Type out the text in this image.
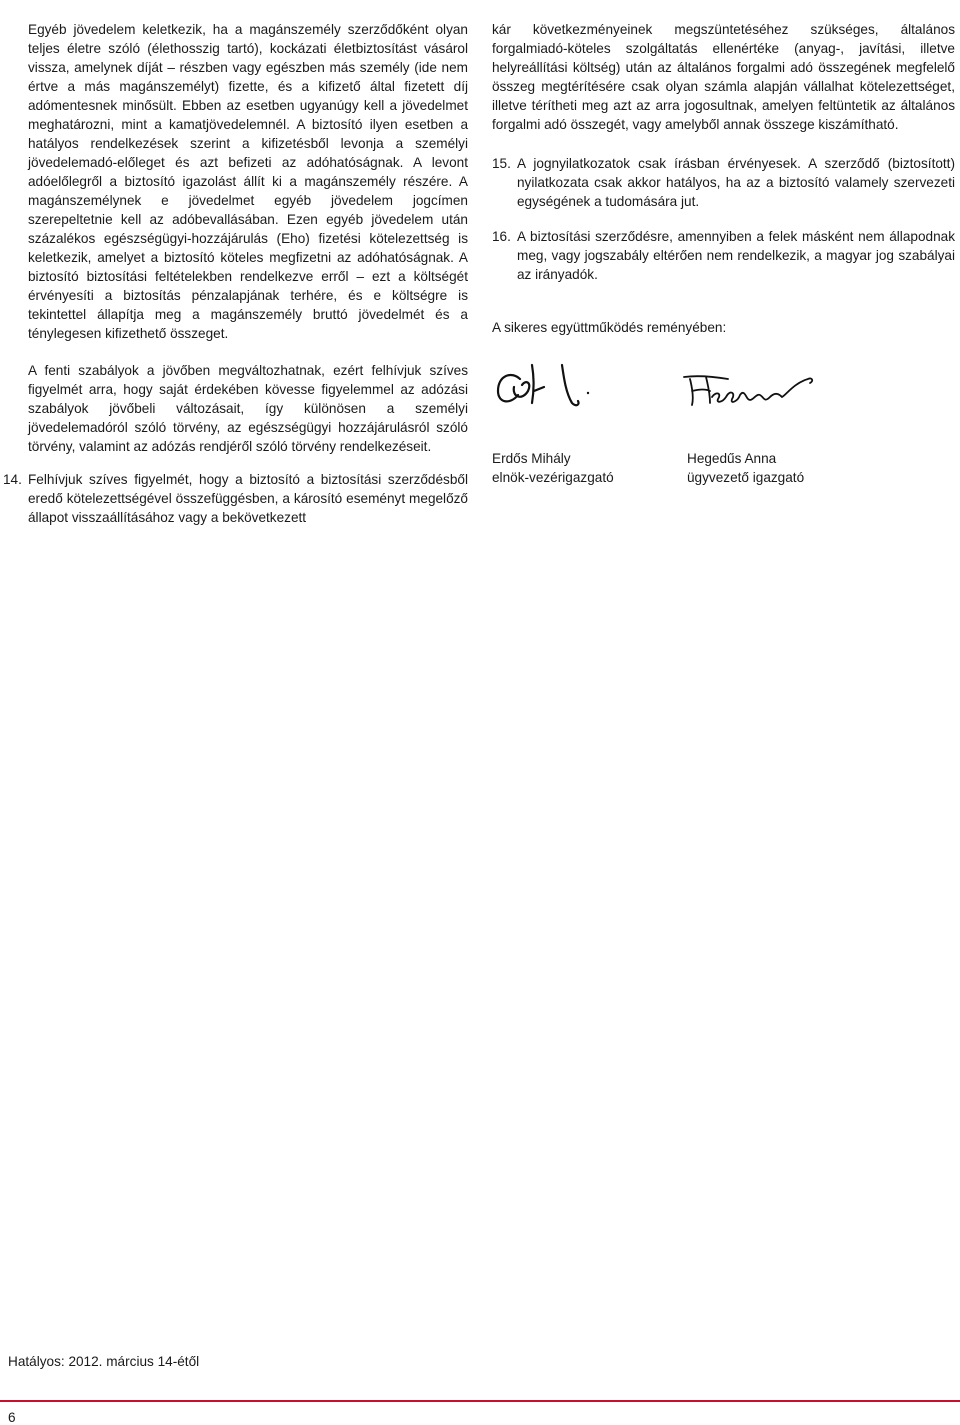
Egyéb jövedelem keletkezik, ha a magánszemély szerződőként olyan teljes életre szóló (élethosszig tartó), kockázati életbiztosítást vásárol vissza, amelynek díját – részben vagy egészben más személy (ide nem értve a más magánszemélyt) fizette, és a kifizető által fizetett díj adómentesnek minősült. Ebben az esetben ugyanúgy kell a jövedelmet meghatározni, mint a kamatjövedelemnél. A biztosító ilyen esetben a hatályos rendelkezések szerint a kifizetésből levonja a személyi jövedelemadó-előleget és azt befizeti az adóhatóságnak. A levont adóelőlegről a biztosító igazolást állít ki a magánszemély részére. A magánszemélynek e jövedelmet egyéb jövedelem jogcímen szerepeltetnie kell az adóbevallásában. Ezen egyéb jövedelem után százalékos egészségügyi-hozzájárulás (Eho) fizetési kötelezettség is keletkezik, amelyet a biztosító köteles megfizetni az adóhatóságnak. A biztosító biztosítási feltételekben rendelkezve erről – ezt a költségét érvényesíti a biztosítás pénzalapjának terhére, és e költségre is tekintettel állapítja meg a magánszemély bruttó jövedelmét és a ténylegesen kifizethető összeget.

A fenti szabályok a jövőben megváltozhatnak, ezért felhívjuk szíves figyelmét arra, hogy saját érdekében kövesse figyelemmel az adózási szabályok jövőbeli változásait, így különösen a személyi jövedelemadóról szóló törvény, az egészségügyi hozzájárulásról szóló törvény, valamint az adózás rendjéről szóló törvény rendelkezéseit.

14. Felhívjuk szíves figyelmét, hogy a biztosító a biztosítási szerződésből eredő kötelezettségével összefüggésben, a károsító eseményt megelőző állapot visszaállításához vagy a bekövetkezett

kár következményeinek megszüntetéséhez szükséges, általános forgalmiadó-köteles szolgáltatás ellenértéke (anyag-, javítási, illetve helyreállítási költség) után az általános forgalmi adó összegének megfelelő összeg megtérítésére csak olyan számla alapján vállalhat kötelezettséget, illetve térítheti meg azt az arra jogosultnak, amelyen feltüntetik az általános forgalmi adó összegét, vagy amelyből annak összege kiszámítható.

15. A jognyilatkozatok csak írásban érvényesek. A szerződő (biztosított) nyilatkozata csak akkor hatályos, ha az a biztosító valamely szervezeti egységének a tudomására jut.

16. A biztosítási szerződésre, amennyiben a felek másként nem állapodnak meg, vagy jogszabály eltérően nem rendelkezik, a magyar jog szabályai az irányadók.

A sikeres együttműködés reményében:

Erdős Mihály
elnök-vezérigazgató
Hegedűs Anna
ügyvezető igazgató
Hatályos: 2012. március 14-étől
6
